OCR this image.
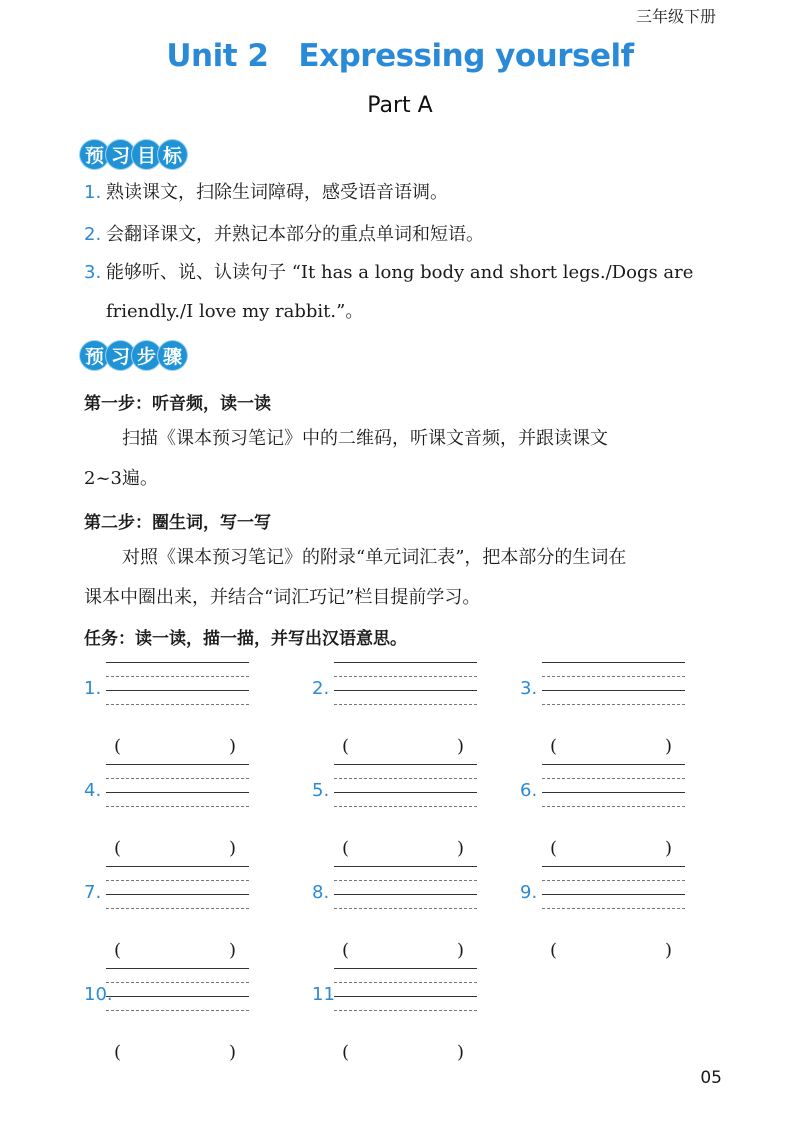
三年级下册
Unit 2 Expressing yourself
Part A
预 习 目 标
1. 熟读课文，扫除生词障碍，感受语音语调。
2. 会翻译课文，并熟记本部分的重点单词和短语。
3. 能够听、说、认读句子 “It has a long body and short legs./Dogs are
friendly./I love my rabbit.”。
预 习 步 骤
第一步：听音频，读一读
扫描《课本预习笔记》中的二维码，听课文音频，并跟读课文
2~3遍。
第二步：圈生词，写一写
对照《课本预习笔记》的附录“单元词汇表”，把本部分的生词在
课本中圈出来，并结合“词汇巧记”栏目提前学习。
任务：读一读，描一描，并写出汉语意思。
1.
(	)
2.
(	)
3.
(	)
4.
(	)
5.
(	)
6.
(	)
7.
(	)
8.
(	)
9.
(	)
10.
(	)
11
(	)
05
